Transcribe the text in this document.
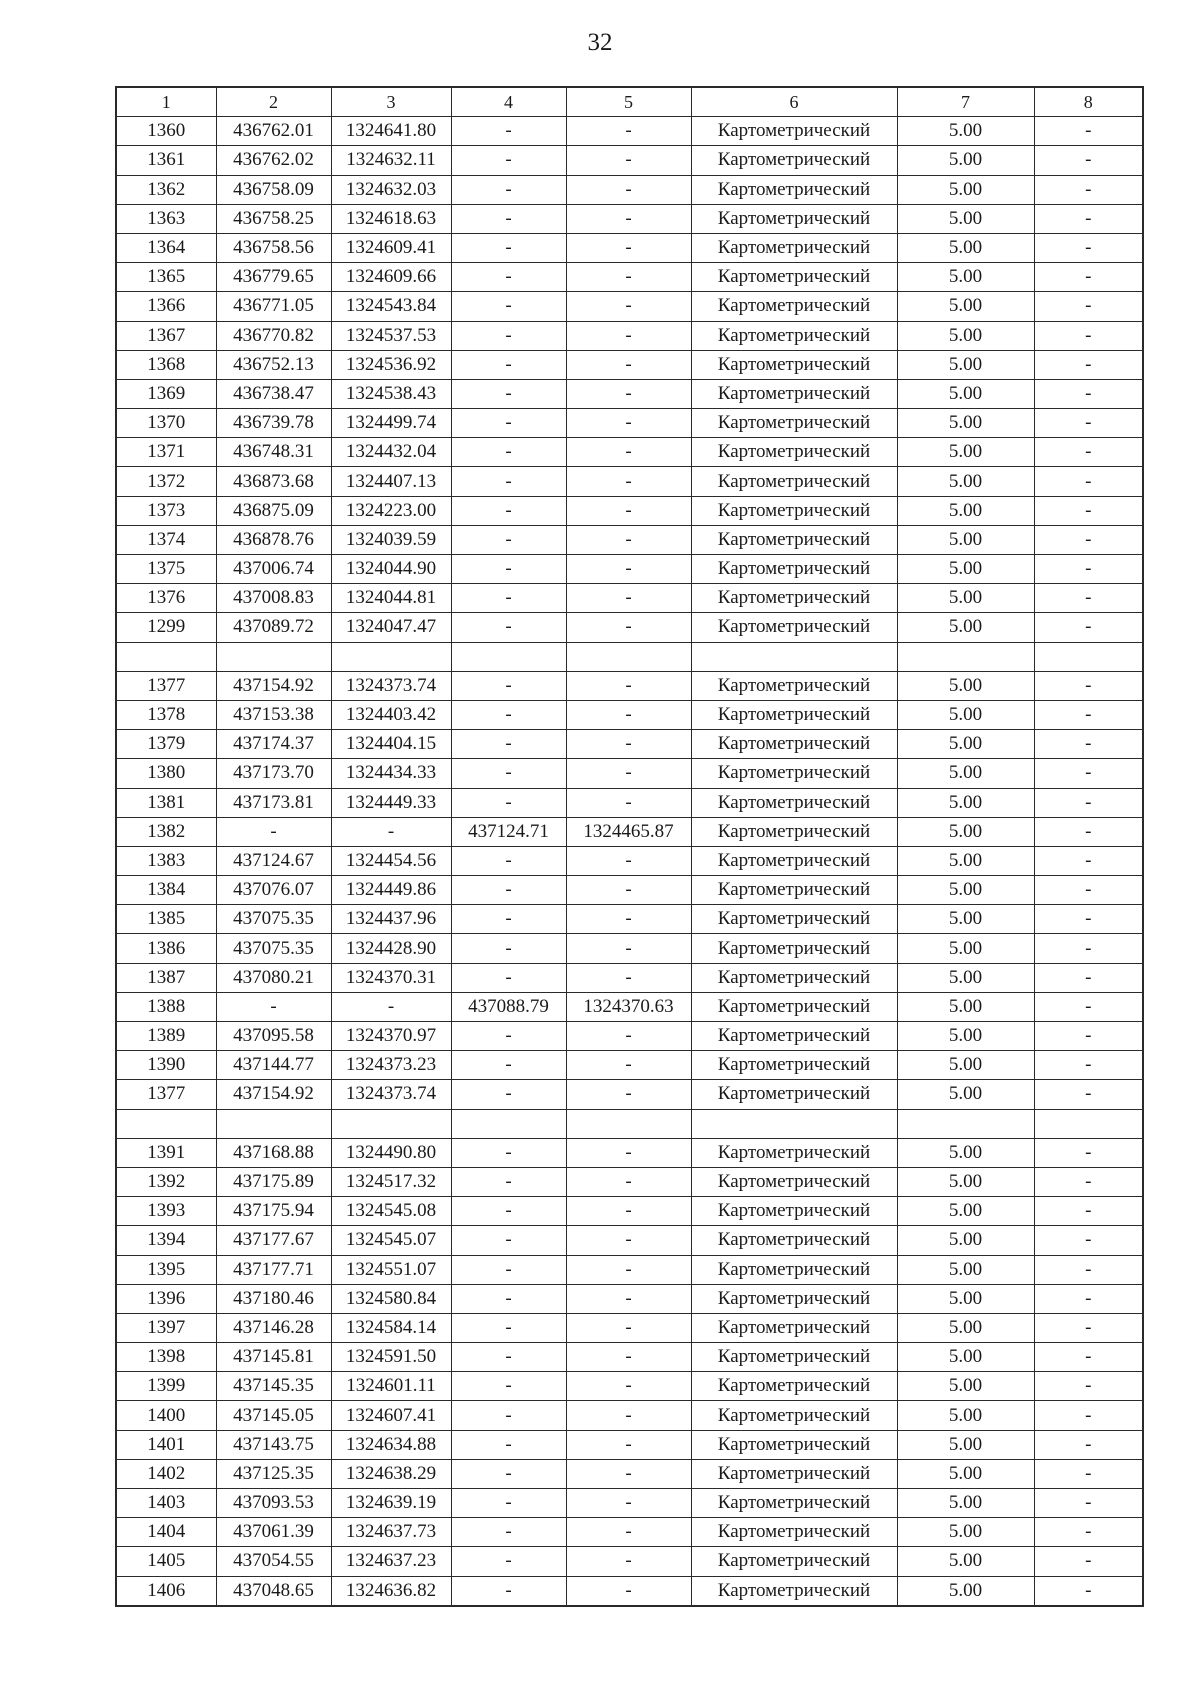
32
1	2	3	4	5	6	7	8
1360	436762.01	1324641.80	-	-	Картометрический	5.00	-
1361	436762.02	1324632.11	-	-	Картометрический	5.00	-
1362	436758.09	1324632.03	-	-	Картометрический	5.00	-
1363	436758.25	1324618.63	-	-	Картометрический	5.00	-
1364	436758.56	1324609.41	-	-	Картометрический	5.00	-
1365	436779.65	1324609.66	-	-	Картометрический	5.00	-
1366	436771.05	1324543.84	-	-	Картометрический	5.00	-
1367	436770.82	1324537.53	-	-	Картометрический	5.00	-
1368	436752.13	1324536.92	-	-	Картометрический	5.00	-
1369	436738.47	1324538.43	-	-	Картометрический	5.00	-
1370	436739.78	1324499.74	-	-	Картометрический	5.00	-
1371	436748.31	1324432.04	-	-	Картометрический	5.00	-
1372	436873.68	1324407.13	-	-	Картометрический	5.00	-
1373	436875.09	1324223.00	-	-	Картометрический	5.00	-
1374	436878.76	1324039.59	-	-	Картометрический	5.00	-
1375	437006.74	1324044.90	-	-	Картометрический	5.00	-
1376	437008.83	1324044.81	-	-	Картометрический	5.00	-
1299	437089.72	1324047.47	-	-	Картометрический	5.00	-

1377	437154.92	1324373.74	-	-	Картометрический	5.00	-
1378	437153.38	1324403.42	-	-	Картометрический	5.00	-
1379	437174.37	1324404.15	-	-	Картометрический	5.00	-
1380	437173.70	1324434.33	-	-	Картометрический	5.00	-
1381	437173.81	1324449.33	-	-	Картометрический	5.00	-
1382	-	-	437124.71	1324465.87	Картометрический	5.00	-
1383	437124.67	1324454.56	-	-	Картометрический	5.00	-
1384	437076.07	1324449.86	-	-	Картометрический	5.00	-
1385	437075.35	1324437.96	-	-	Картометрический	5.00	-
1386	437075.35	1324428.90	-	-	Картометрический	5.00	-
1387	437080.21	1324370.31	-	-	Картометрический	5.00	-
1388	-	-	437088.79	1324370.63	Картометрический	5.00	-
1389	437095.58	1324370.97	-	-	Картометрический	5.00	-
1390	437144.77	1324373.23	-	-	Картометрический	5.00	-
1377	437154.92	1324373.74	-	-	Картометрический	5.00	-

1391	437168.88	1324490.80	-	-	Картометрический	5.00	-
1392	437175.89	1324517.32	-	-	Картометрический	5.00	-
1393	437175.94	1324545.08	-	-	Картометрический	5.00	-
1394	437177.67	1324545.07	-	-	Картометрический	5.00	-
1395	437177.71	1324551.07	-	-	Картометрический	5.00	-
1396	437180.46	1324580.84	-	-	Картометрический	5.00	-
1397	437146.28	1324584.14	-	-	Картометрический	5.00	-
1398	437145.81	1324591.50	-	-	Картометрический	5.00	-
1399	437145.35	1324601.11	-	-	Картометрический	5.00	-
1400	437145.05	1324607.41	-	-	Картометрический	5.00	-
1401	437143.75	1324634.88	-	-	Картометрический	5.00	-
1402	437125.35	1324638.29	-	-	Картометрический	5.00	-
1403	437093.53	1324639.19	-	-	Картометрический	5.00	-
1404	437061.39	1324637.73	-	-	Картометрический	5.00	-
1405	437054.55	1324637.23	-	-	Картометрический	5.00	-
1406	437048.65	1324636.82	-	-	Картометрический	5.00	-
